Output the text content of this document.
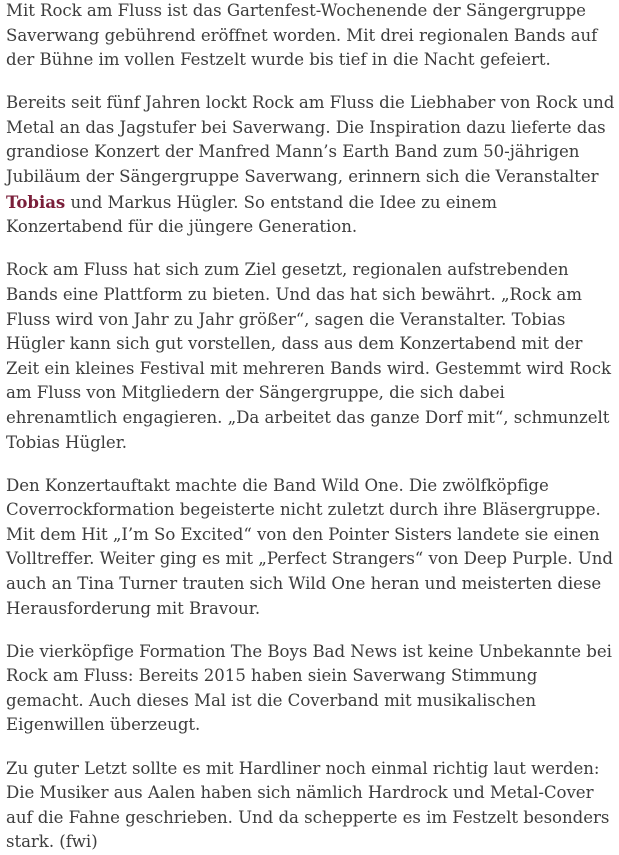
Mit Rock am Fluss ist das Gartenfest-Wochenende der Sängergruppe Saverwang gebührend eröffnet worden. Mit drei regionalen Bands auf der Bühne im vollen Festzelt wurde bis tief in die Nacht gefeiert.

Bereits seit fünf Jahren lockt Rock am Fluss die Liebhaber von Rock und Metal an das Jagstufer bei Saverwang. Die Inspiration dazu lieferte das grandiose Konzert der Manfred Mann’s Earth Band zum 50-jährigen Jubiläum der Sängergruppe Saverwang, erinnern sich die Veranstalter Tobias und Markus Hügler. So entstand die Idee zu einem Konzertabend für die jüngere Generation.

Rock am Fluss hat sich zum Ziel gesetzt, regionalen aufstrebenden Bands eine Plattform zu bieten. Und das hat sich bewährt. „Rock am Fluss wird von Jahr zu Jahr größer“, sagen die Veranstalter. Tobias Hügler kann sich gut vorstellen, dass aus dem Konzertabend mit der Zeit ein kleines Festival mit mehreren Bands wird. Gestemmt wird Rock am Fluss von Mitgliedern der Sängergruppe, die sich dabei ehrenamtlich engagieren. „Da arbeitet das ganze Dorf mit“, schmunzelt Tobias Hügler.

Den Konzertauftakt machte die Band Wild One. Die zwölfköpfige Coverrockformation begeisterte nicht zuletzt durch ihre Bläsergruppe. Mit dem Hit „I’m So Excited“ von den Pointer Sisters landete sie einen Volltreffer. Weiter ging es mit „Perfect Strangers“ von Deep Purple. Und auch an Tina Turner trauten sich Wild One heran und meisterten diese Herausforderung mit Bravour.

Die vierköpfige Formation The Boys Bad News ist keine Unbekannte bei Rock am Fluss: Bereits 2015 haben siein Saverwang Stimmung gemacht. Auch dieses Mal ist die Coverband mit musikalischen Eigenwillen überzeugt.

Zu guter Letzt sollte es mit Hardliner noch einmal richtig laut werden: Die Musiker aus Aalen haben sich nämlich Hardrock und Metal-Cover auf die Fahne geschrieben. Und da schepperte es im Festzelt besonders stark. (fwi)
